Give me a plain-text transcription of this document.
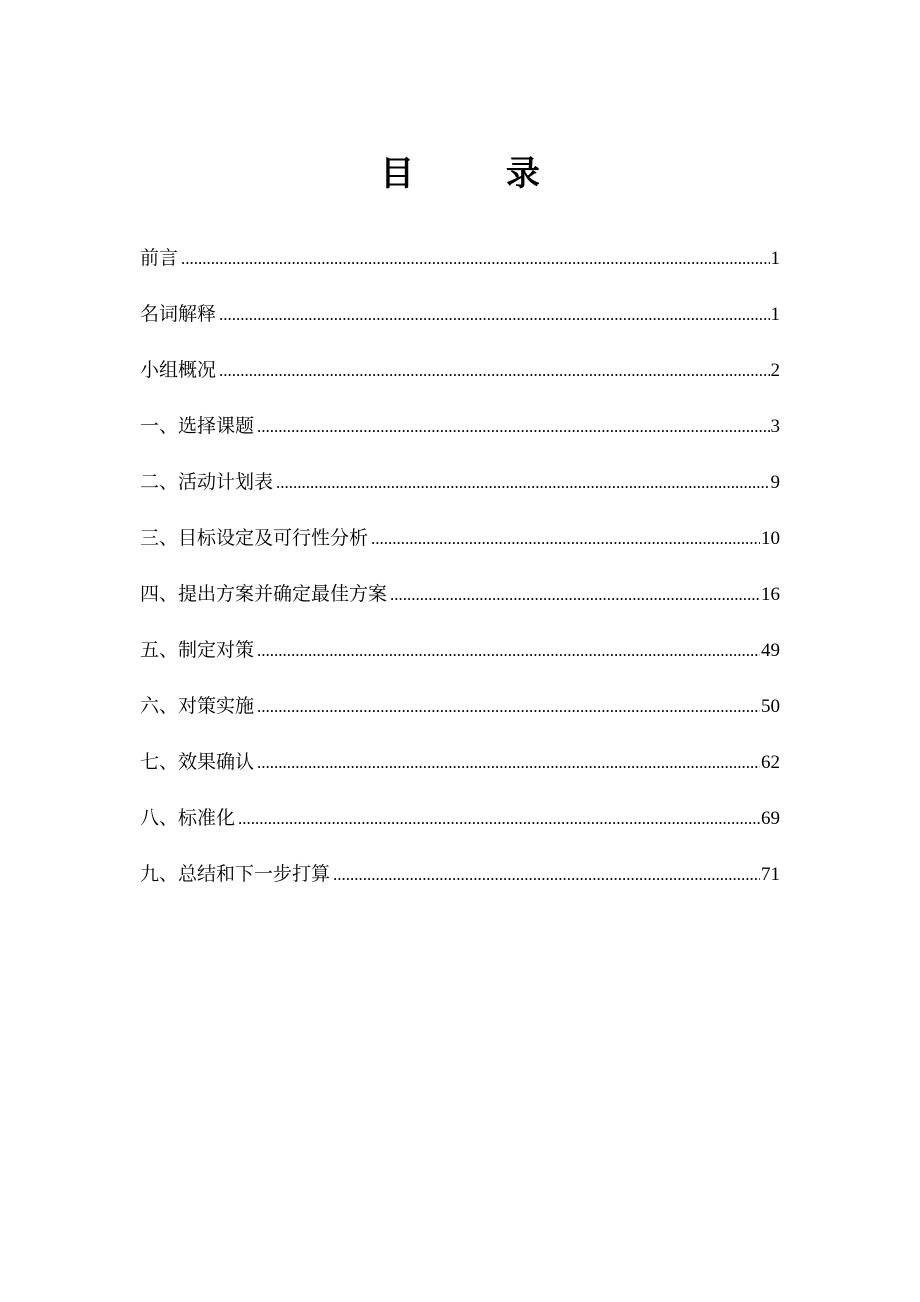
目 录
前言 .....	1
名词解释 .....	1
小组概况 .....	2
一、选择课题 .....	3
二、活动计划表 .....	9
三、目标设定及可行性分析 .....	10
四、提出方案并确定最佳方案 .....	16
五、制定对策 .....	49
六、对策实施 .....	50
七、效果确认 .....	62
八、标准化 .....	69
九、总结和下一步打算 .....	71
